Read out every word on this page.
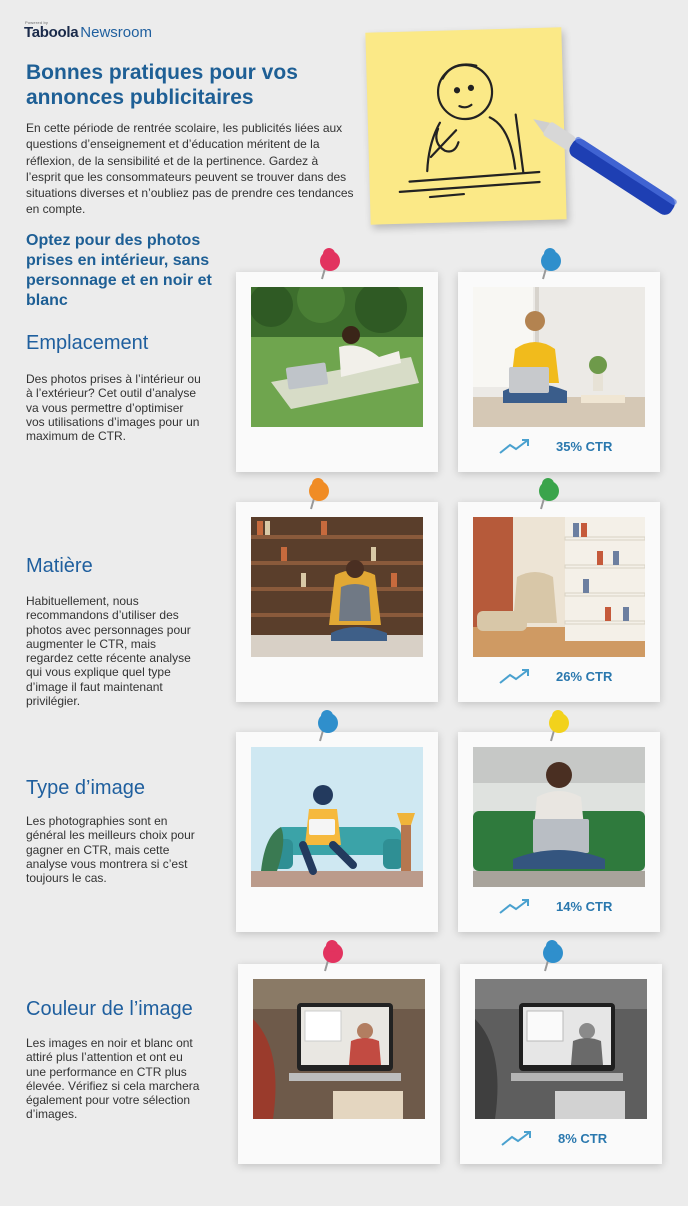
Powered by
Taboola Newsroom
Bonnes pratiques pour vos annonces publicitaires
En cette période de rentrée scolaire, les publicités liées aux questions d’enseignement et d’éducation méritent de la réflexion, de la sensibilité et de la pertinence. Gardez à l’esprit que les consommateurs peuvent se trouver dans des situations diverses et n’oubliez pas de prendre ces tendances en compte.
Optez pour des photos prises en intérieur, sans personnage et en noir et blanc
Emplacement
Des photos prises à l’intérieur ou à l’extérieur? Cet outil d’analyse va vous permettre d’optimiser vos utilisations d’images pour un maximum de CTR.
35% CTR
Matière
Habituellement, nous recommandons d’utiliser des photos avec personnages pour augmenter le CTR, mais regardez cette récente analyse qui vous explique quel type d’image il faut maintenant privilégier.
26% CTR
Type d’image
Les photographies sont en général les meilleurs choix pour gagner en CTR, mais cette analyse vous montrera si c’est toujours le cas.
14% CTR
Couleur de l’image
Les images en noir et blanc ont attiré plus l’attention et ont eu une performance en CTR plus élevée. Vérifiez si cela marchera également pour votre sélection d’images.
8% CTR
